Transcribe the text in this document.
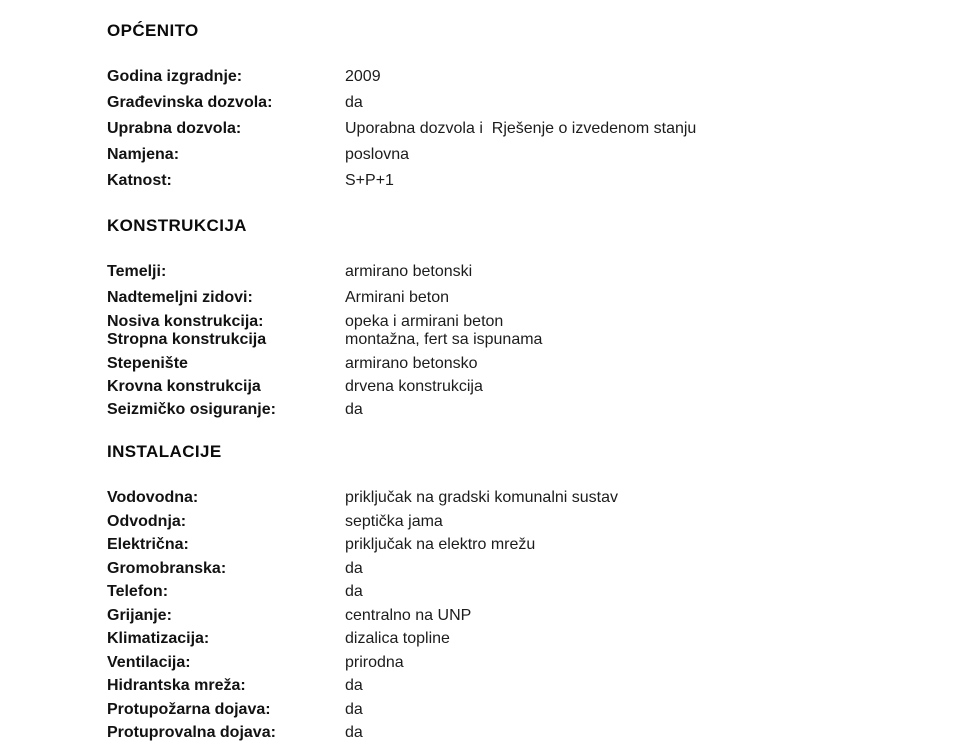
OPĆENITO
Godina izgradnje:	2009
Građevinska dozvola:	da
Uprabna dozvola:	Uporabna dozvola i  Rješenje o izvedenom stanju
Namjena:	poslovna
Katnost:	S+P+1
KONSTRUKCIJA
Temelji:	armirano betonski
Nadtemeljni zidovi:	Armirani beton
Nosiva konstrukcija:	opeka i armirani beton
Stropna konstrukcija	montažna, fert sa ispunama
Stepenište	armirano betonsko
Krovna konstrukcija	drvena konstrukcija
Seizmičko osiguranje:	da
INSTALACIJE
Vodovodna:	priključak na gradski komunalni sustav
Odvodnja:	septička jama
Električna:	priključak na elektro mrežu
Gromobranska:	da
Telefon:	da
Grijanje:	centralno na UNP
Klimatizacija:	dizalica topline
Ventilacija:	prirodna
Hidrantska mreža:	da
Protupožarna dojava:	da
Protuprovalna dojava:	da
